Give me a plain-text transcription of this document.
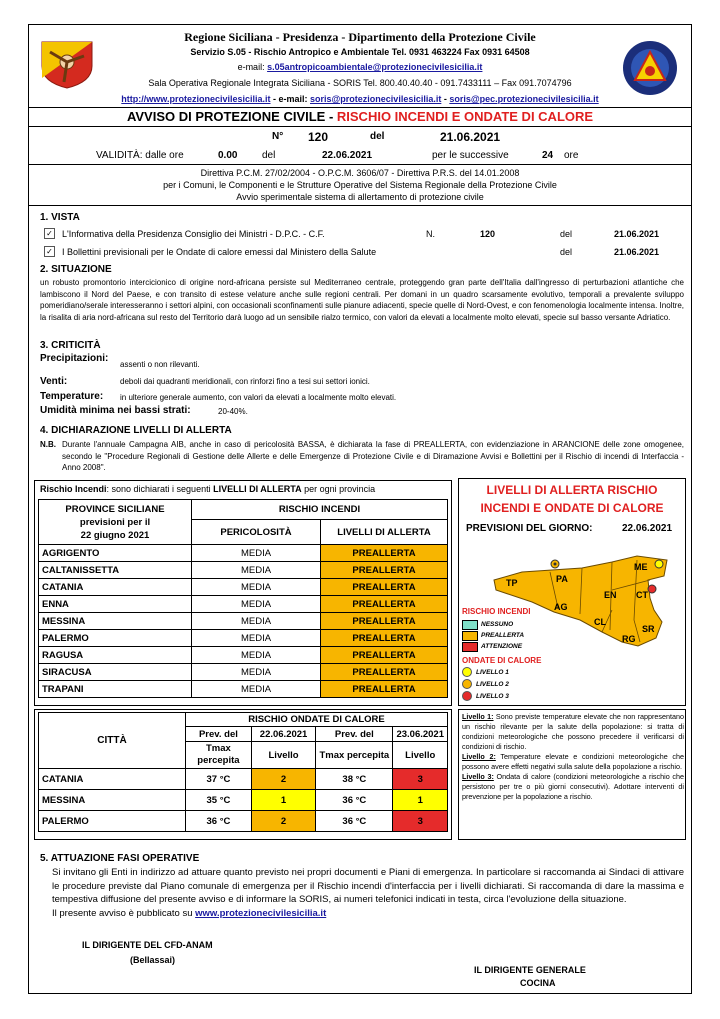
Regione Siciliana - Presidenza - Dipartimento della Protezione Civile
Servizio S.05 - Rischio Antropico e Ambientale Tel. 0931 463224 Fax 0931 64508
e-mail: s.05antropicoambientale@protezionecivilesicilia.it
Sala Operativa Regionale Integrata Siciliana - SORIS Tel. 800.40.40.40 - 091.7433111 – Fax 091.7074796
http://www.protezionecivilesicilia.it - e-mail: soris@protezionecivilesicilia.it - soris@pec.protezionecivilesicilia.it
AVVISO DI PROTEZIONE CIVILE - RISCHIO INCENDI E ONDATE DI CALORE
N° 120	del	21.06.2021
VALIDITÀ: dalle ore	0.00 del	22.06.2021	per le successive	24 ore
Direttiva P.C.M. 27/02/2004 - O.P.C.M. 3606/07 - Direttiva P.R.S. del 14.01.2008
per i Comuni, le Componenti e le Strutture Operative del Sistema Regionale della Protezione Civile
Avvio sperimentale sistema di allertamento di protezione civile
1. VISTA
✓ L'Informativa della Presidenza Consiglio dei Ministri - D.P.C. - C.F.	N.	120	del	21.06.2021
✓ I Bollettini previsionali per le Ondate di calore emessi dal Ministero della Salute	del	21.06.2021
2. SITUAZIONE

un robusto promontorio intercicionico di origine nord-africana persiste sul Mediterraneo centrale, proteggendo gran parte dell'Italia dall'ingresso di perturbazioni atlantiche che lambiscono il Nord del Paese, e con transito di estese velature anche sulle regioni centrali. Per domani in un quadro scarsamente evolutivo, temporali a prevalente sviluppo pomeridiano/serale interesseranno i settori alpini, con occasionali sconfinamenti sulle pianure adiacenti, specie quelle di Nord-Ovest, e con fenomenologia localmente intensa. Inoltre, la risalita di aria nord-africana sul resto del Territorio darà luogo ad un sensibile rialzo termico, con valori da elevati a localmente molto elevati, specie sul basso versante Adriatico.

3. CRITICITÀ
Precipitazioni:
assenti o non rilevanti.
Venti:	deboli dai quadranti meridionali, con rinforzi fino a tesi sui settori ionici.
Temperature: in ulteriore generale aumento, con valori da elevati a localmente molto elevati.
Umidità minima nei bassi strati:	20-40%.
4. DICHIARAZIONE LIVELLI DI ALLERTA
N.B. Durante l'annuale Campagna AIB, anche in caso di pericolosità BASSA, è dichiarata la fase di PREALLERTA, con evidenziazione in ARANCIONE delle zone omogenee, secondo le "Procedure Regionali di Gestione delle Allerte e delle Emergenze di Protezione Civile e di Diramazione Avvisi e Bollettini per il Rischio di incendi di Interfaccia - Anno 2008".

Rischio Incendi: sono dichiarati i seguenti LIVELLI DI ALLERTA per ogni provincia
PROVINCE SICILIANE
previsioni per il
22 giugno 2021	RISCHIO INCENDI	
	PERICOLOSITÀ	LIVELLI DI ALLERTA
AGRIGENTO	MEDIA	PREALLERTA
CALTANISSETTA	MEDIA	PREALLERTA
CATANIA	MEDIA	PREALLERTA
ENNA	MEDIA	PREALLERTA
MESSINA	MEDIA	PREALLERTA
PALERMO	MEDIA	PREALLERTA
RAGUSA	MEDIA	PREALLERTA
SIRACUSA	MEDIA	PREALLERTA
TRAPANI	MEDIA	PREALLERTA
LIVELLI DI ALLERTA RISCHIO
INCENDI E ONDATE DI CALORE
PREVISIONI DEL GIORNO:	22.06.2021
TP	PA
ME
AG
EN CT
CL
SR
RG
RISCHIO INCENDI
NESSUNO
PREALLERTA
ATTENZIONE
ONDATE DI CALORE
LIVELLO 1
LIVELLO 2
LIVELLO 3
CITTÀ	RISCHIO ONDATE DI CALORE			
	Prev. del	22.06.2021	Prev. del	23.06.2021
	Tmax percepita	Livello	Tmax percepita	Livello
CATANIA	37 °C	2	38 °C	3
MESSINA	35 °C	1	36 °C	1
PALERMO	36 °C	2	36 °C	3
Livello 1: Sono previste temperature elevate che non rappresentano un rischio rilevante per la salute della popolazione: si tratta di condizioni meteorologiche che possono precedere il verificarsi di condizioni di rischio.
Livello 2: Temperature elevate e condizioni meteorologiche che possono avere effetti negativi sulla salute della popolazione a rischio.
Livello 3: Ondata di calore (condizioni meteorologiche a rischio che persistono per tre o più giorni consecutivi). Adottare interventi di prevenzione per la popolazione a rischio.
5. ATTUAZIONE FASI OPERATIVE

Si invitano gli Enti in indirizzo ad attuare quanto previsto nei propri documenti e Piani di emergenza. In particolare si raccomanda ai Sindaci di attivare le procedure previste dal Piano comunale di emergenza per il Rischio incendi d'interfaccia per i livelli dichiarati. Si raccomanda di dare la massima e tempestiva diffusione del presente avviso e di informare la SORIS, ai numeri telefonici indicati in testa, circa l'evoluzione della situazione.

Il presente avviso è pubblicato su www.protezionecivilesicilia.it
IL DIRIGENTE DEL CFD-ANAM
(Bellassai)
IL DIRIGENTE GENERALE
COCINA
